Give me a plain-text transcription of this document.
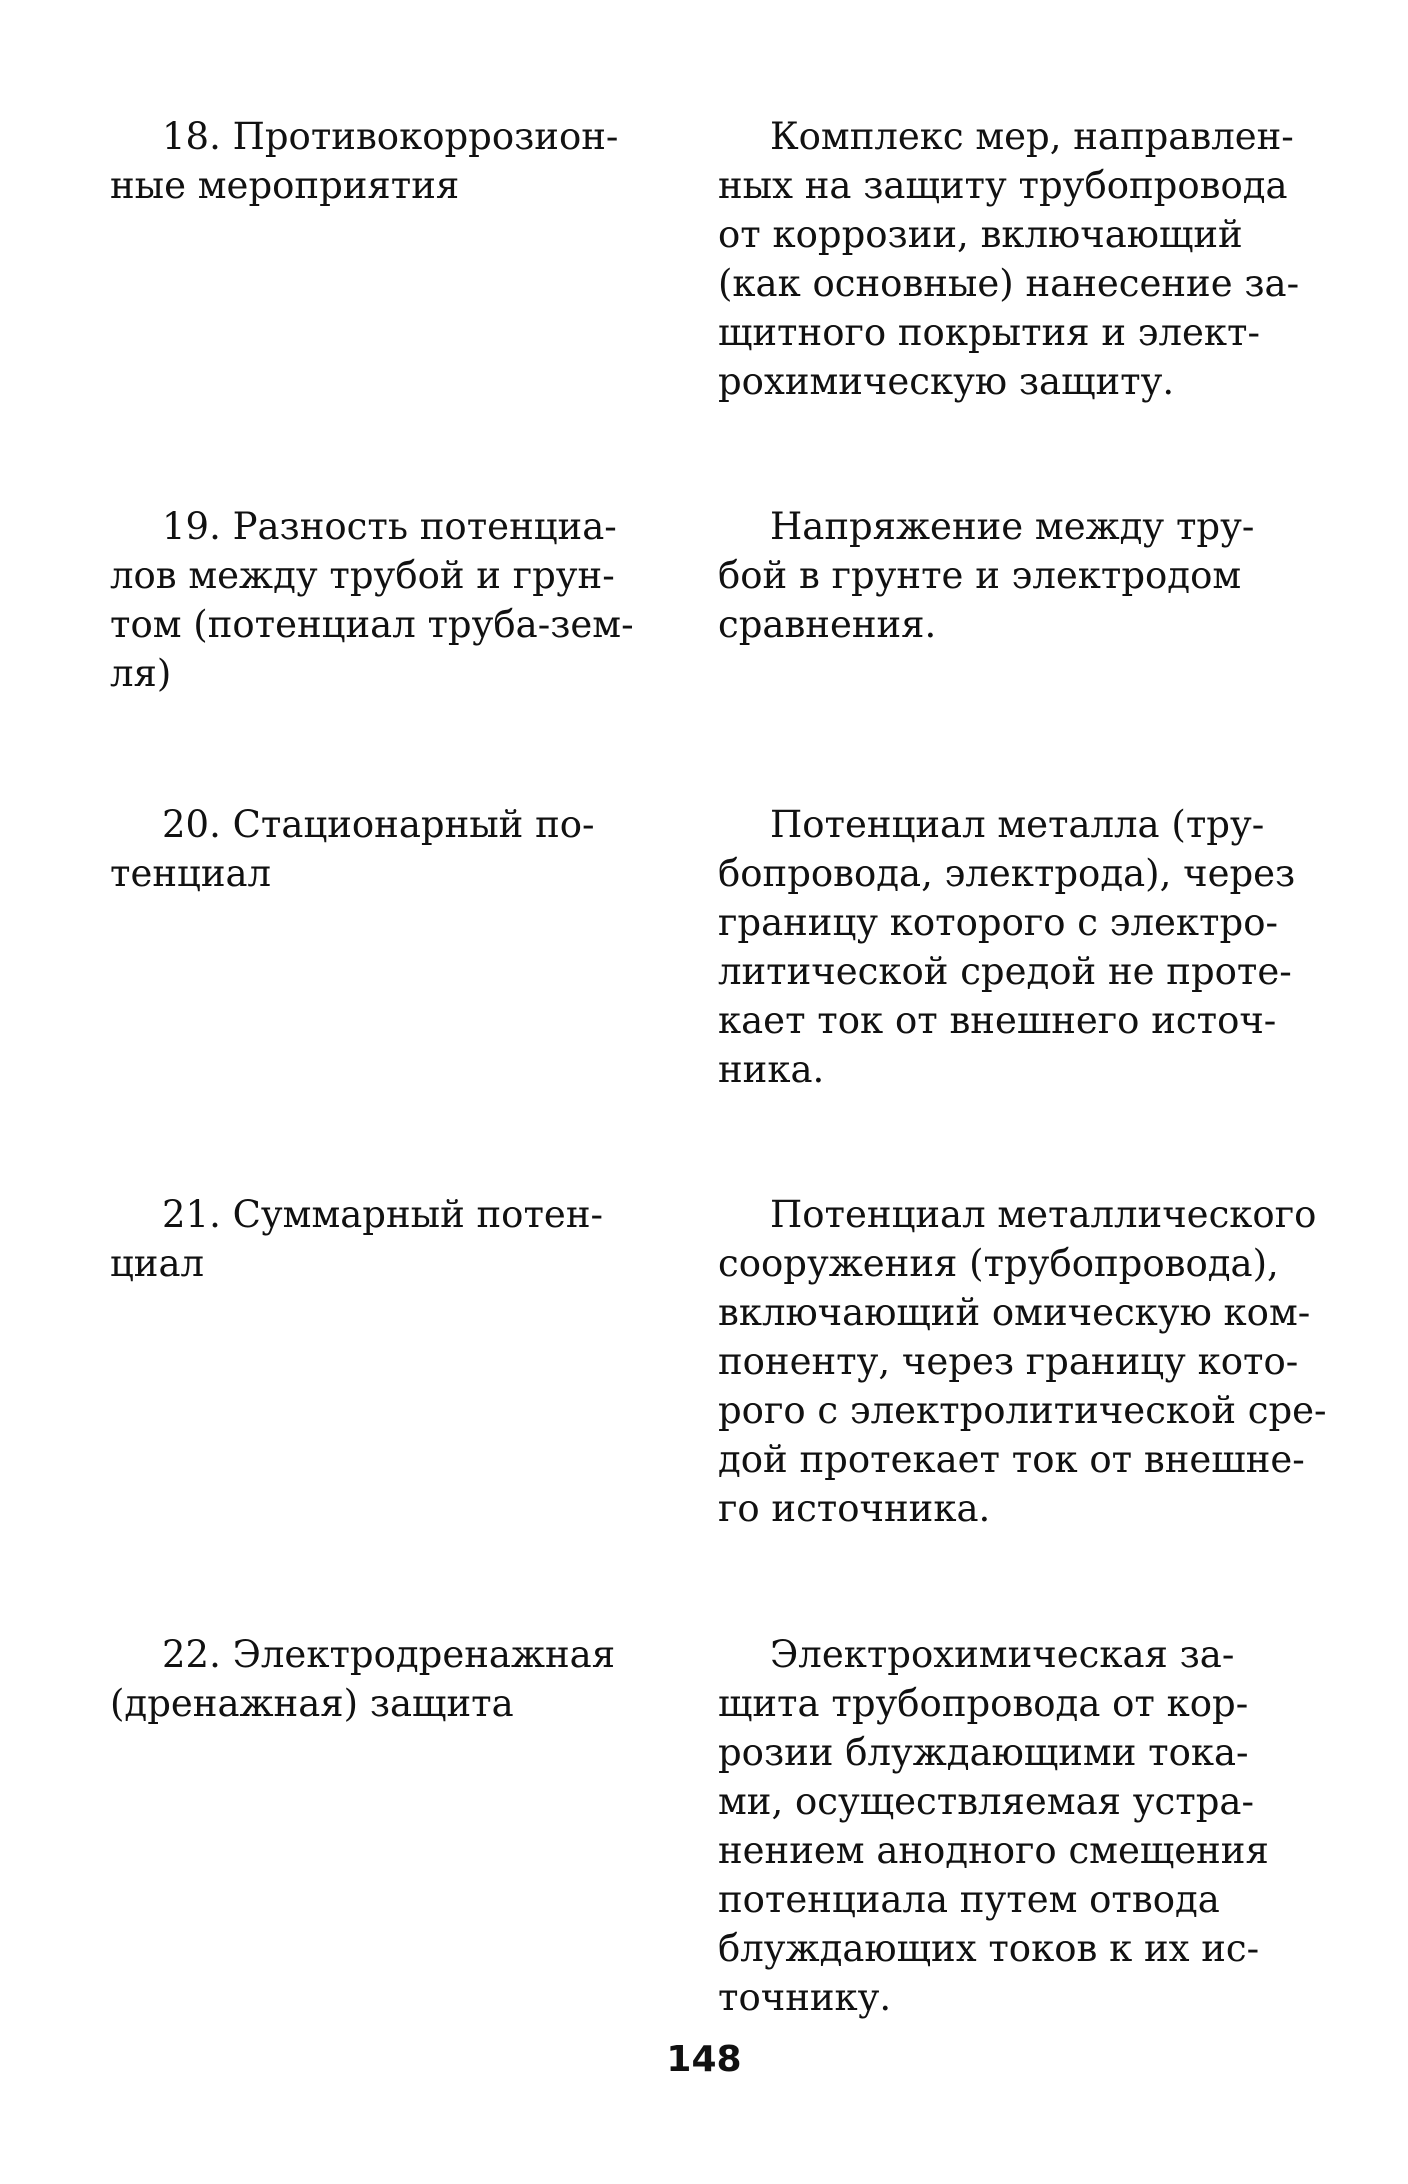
18. Противокоррозион-
ные мероприятия
Комплекс мер, направлен-
ных на защиту трубопровода
от коррозии, включающий
(как основные) нанесение за-
щитного покрытия и элект-
рохимическую защиту.
19. Разность потенциа-
лов между трубой и грун-
том (потенциал труба-зем-
ля)
Напряжение между тру-
бой в грунте и электродом
сравнения.
20. Стационарный по-
тенциал
Потенциал металла (тру-
бопровода, электрода), через
границу которого с электро-
литической средой не проте-
кает ток от внешнего источ-
ника.
21. Суммарный потен-
циал
Потенциал металлического
сооружения (трубопровода),
включающий омическую ком-
поненту, через границу кото-
рого с электролитической сре-
дой протекает ток от внешне-
го источника.
22. Электродренажная
(дренажная) защита
Электрохимическая за-
щита трубопровода от кор-
розии блуждающими тока-
ми, осуществляемая устра-
нением анодного смещения
потенциала путем отвода
блуждающих токов к их ис-
точнику.
148
